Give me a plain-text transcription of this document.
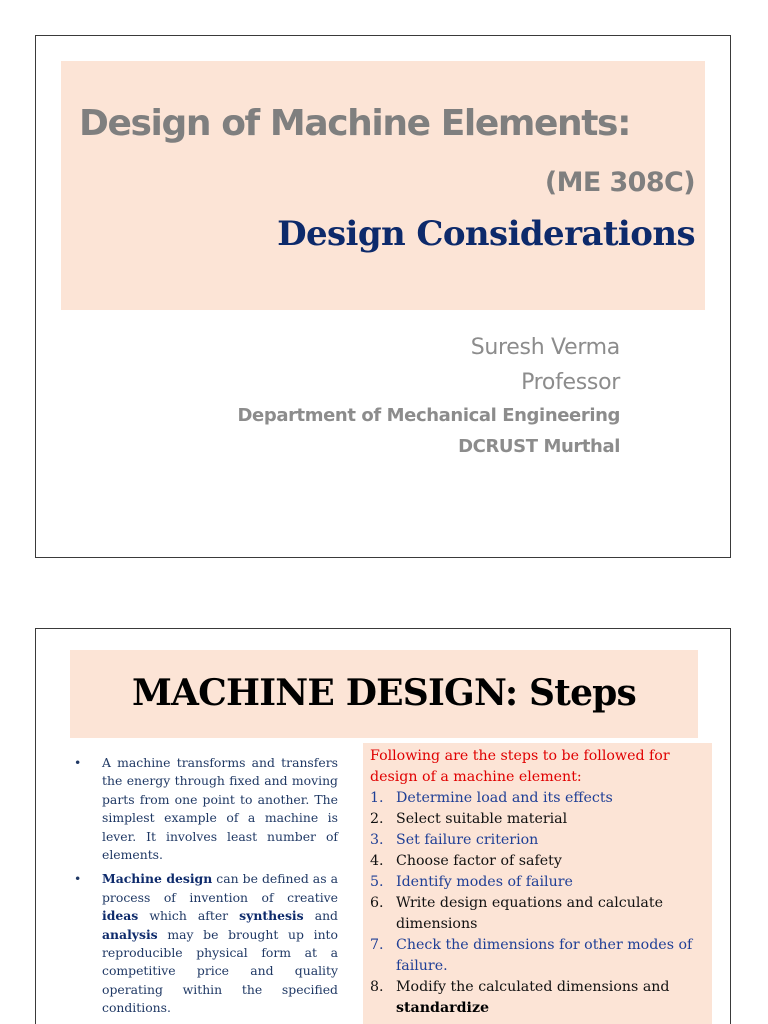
Design of Machine Elements:
(ME 308C)
Design Considerations
Suresh Verma
Professor
Department of Mechanical Engineering
DCRUST Murthal
MACHINE DESIGN: Steps
• A machine transforms and transfers the energy through fixed and moving parts from one point to another. The simplest example of a machine is lever. It involves least number of elements.
• Machine design can be defined as a process of invention of creative ideas which after synthesis and analysis may be brought up into reproducible physical form at a competitive price and quality operating within the specified conditions.
Following are the steps to be followed for design of a machine element:
1. Determine load and its effects
2. Select suitable material
3. Set failure criterion
4. Choose factor of safety
5. Identify modes of failure
6. Write design equations and calculate dimensions
7. Check the dimensions for other modes of failure.
8. Modify the calculated dimensions and standardize
